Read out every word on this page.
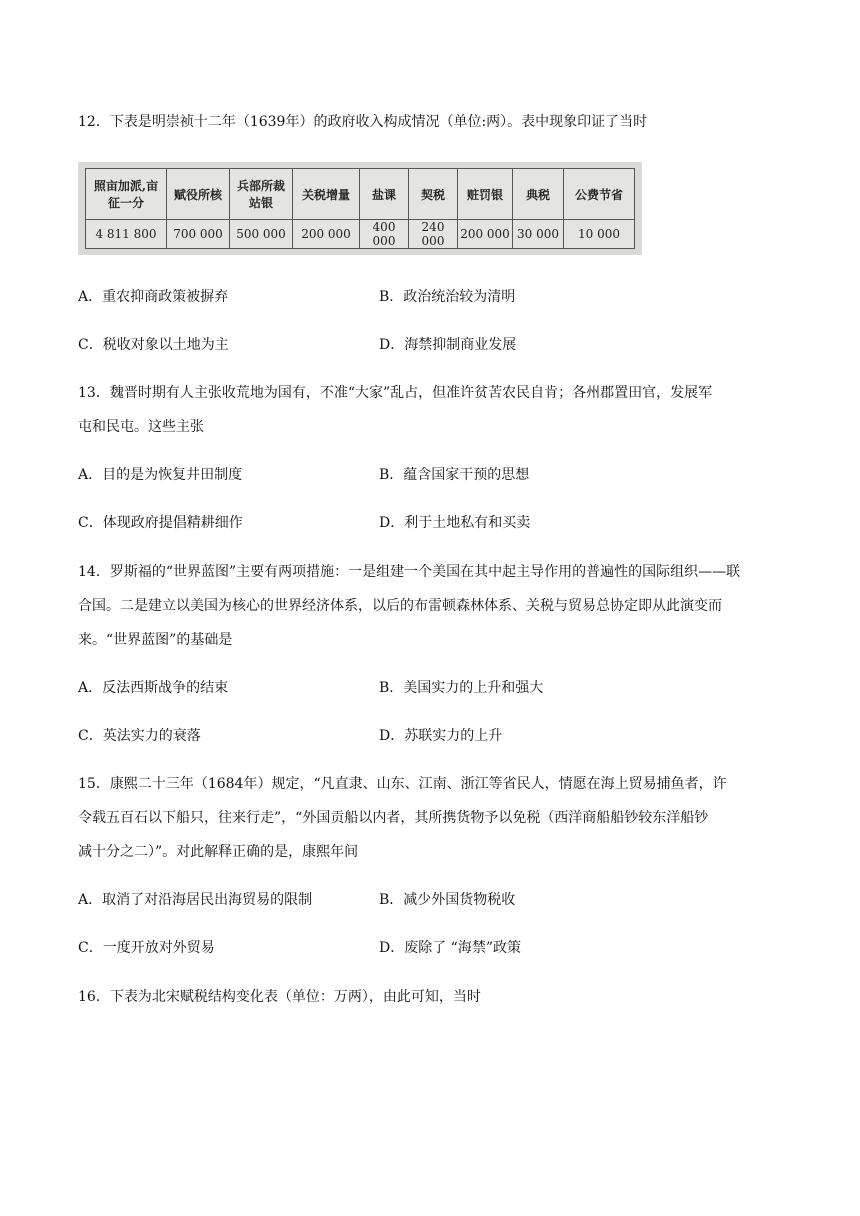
12．下表是明崇祯十二年（1639年）的政府收入构成情况（单位:两）。表中现象印证了当时
照亩加派,亩征一分	赋役所核	兵部所裁站银	关税增量	盐课	契税	赃罚银	典税	公费节省
4 811 800	700 000	500 000	200 000	400 000	240 000	200 000	30 000	10 000
A．重农抑商政策被摒弃	B．政治统治较为清明
C．税收对象以土地为主	D．海禁抑制商业发展
13．魏晋时期有人主张收荒地为国有，不准“大家”乱占，但准许贫苦农民自肯；各州郡置田官，发展军
屯和民屯。这些主张
A．目的是为恢复井田制度	B．蕴含国家干预的思想
C．体现政府提倡精耕细作	D．利于土地私有和买卖
14．罗斯福的“世界蓝图”主要有两项措施：一是组建一个美国在其中起主导作用的普遍性的国际组织——联
合国。二是建立以美国为核心的世界经济体系，以后的布雷顿森林体系、关税与贸易总协定即从此演变而
来。“世界蓝图”的基础是
A．反法西斯战争的结束	B．美国实力的上升和强大
C．英法实力的衰落	D．苏联实力的上升
15．康熙二十三年（1684年）规定，“凡直隶、山东、江南、浙江等省民人，情愿在海上贸易捕鱼者，许
令载五百石以下船只，往来行走”，“外国贡船以内者，其所携货物予以免税（西洋商船船钞较东洋船钞
减十分之二）”。对此解释正确的是，康熙年间
A．取消了对沿海居民出海贸易的限制	B．减少外国货物税收
C．一度开放对外贸易	D．废除了 “海禁”政策
16．下表为北宋赋税结构变化表（单位：万两），由此可知，当时
